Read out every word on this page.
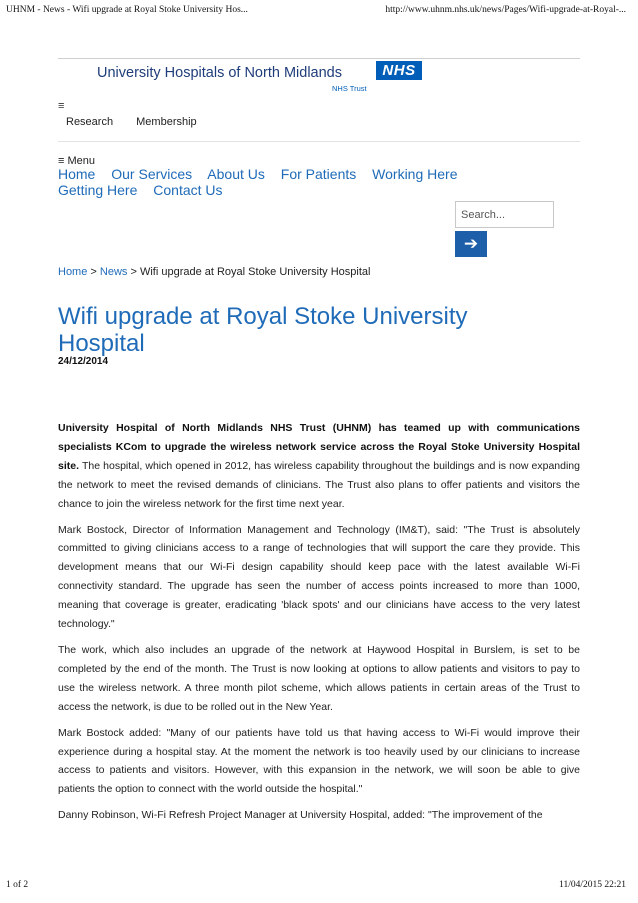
UHNM - News - Wifi upgrade at Royal Stoke University Hos...	http://www.uhnm.nhs.uk/news/Pages/Wifi-upgrade-at-Royal-...
University Hospitals of North Midlands	NHS
NHS Trust
≡
Research Membership
≡ Menu
Home Our Services About Us For Patients Working Here
Getting Here Contact Us
Search...
➔
Home > News > Wifi upgrade at Royal Stoke University Hospital
Wifi upgrade at Royal Stoke University Hospital
24/12/2014

University Hospital of North Midlands NHS Trust (UHNM) has teamed up with communications specialists KCom to upgrade the wireless network service across the Royal Stoke University Hospital site. The hospital, which opened in 2012, has wireless capability throughout the buildings and is now expanding the network to meet the revised demands of clinicians. The Trust also plans to offer patients and visitors the chance to join the wireless network for the first time next year.

Mark Bostock, Director of Information Management and Technology (IM&T), said: "The Trust is absolutely committed to giving clinicians access to a range of technologies that will support the care they provide. This development means that our Wi-Fi design capability should keep pace with the latest available Wi-Fi connectivity standard. The upgrade has seen the number of access points increased to more than 1000, meaning that coverage is greater, eradicating 'black spots' and our clinicians have access to the very latest technology."

The work, which also includes an upgrade of the network at Haywood Hospital in Burslem, is set to be completed by the end of the month. The Trust is now looking at options to allow patients and visitors to pay to use the wireless network. A three month pilot scheme, which allows patients in certain areas of the Trust to access the network, is due to be rolled out in the New Year.

Mark Bostock added: "Many of our patients have told us that having access to Wi-Fi would improve their experience during a hospital stay. At the moment the network is too heavily used by our clinicians to increase access to patients and visitors. However, with this expansion in the network, we will soon be able to give patients the option to connect with the world outside the hospital."

Danny Robinson, Wi-Fi Refresh Project Manager at University Hospital, added: "The improvement of the

1 of 2	11/04/2015 22:21
